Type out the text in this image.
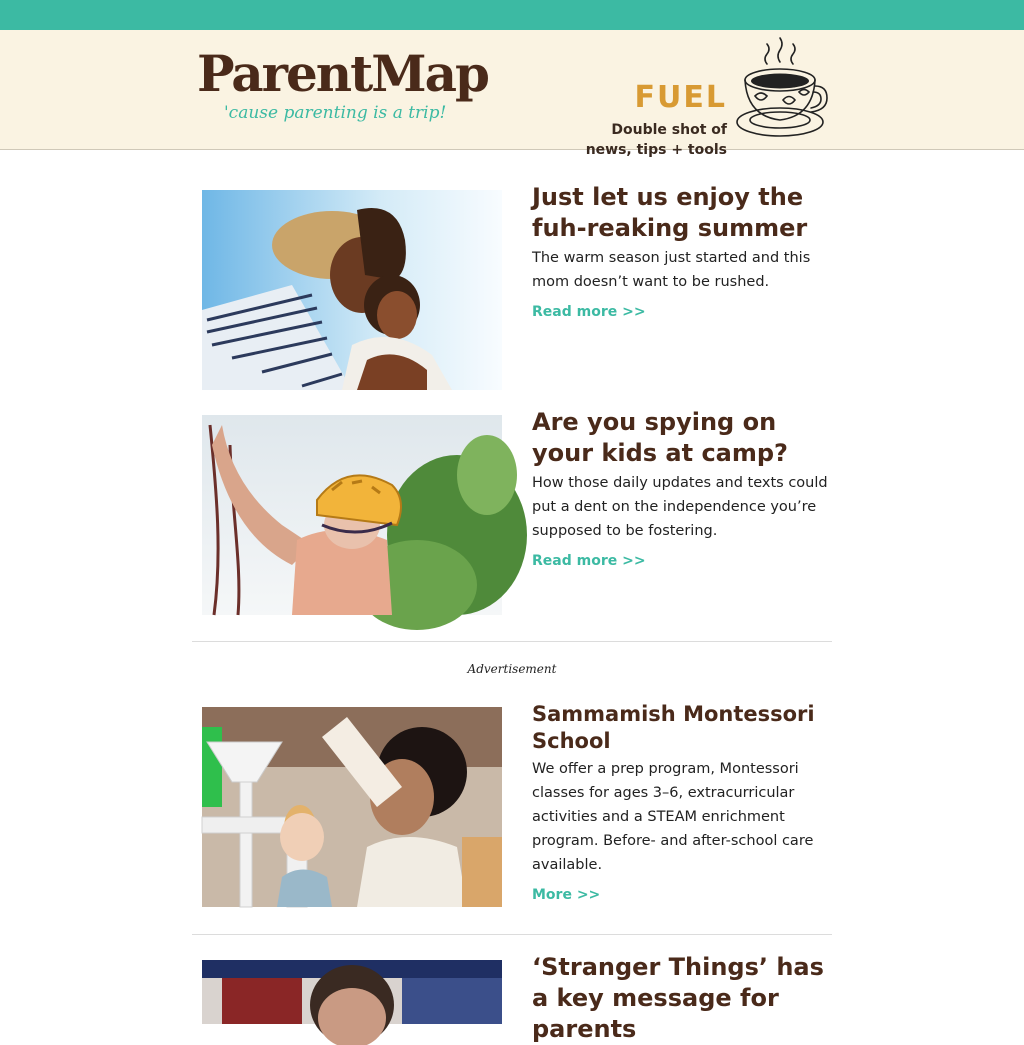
ParentMap
'cause parenting is a trip!	FUEL
Double shot of
news, tips + tools
Just let us enjoy the fuh-reaking summer
The warm season just started and this mom doesn’t want to be rushed.
Read more >>
Are you spying on your kids at camp?
How those daily updates and texts could put a dent on the independence you’re supposed to be fostering.
Read more >>
Advertisement
Sammamish Montessori School
We offer a prep program, Montessori classes for ages 3–6, extracurricular activities and a STEAM enrichment program. Before- and after-school care available.
More >>
‘Stranger Things’ has a key message for parents
